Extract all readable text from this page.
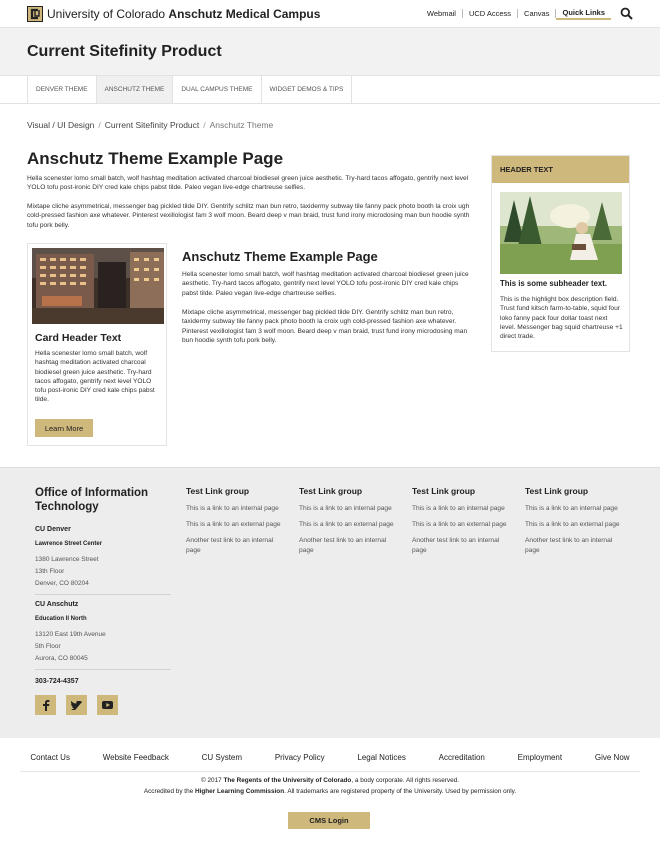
University of Colorado Anschutz Medical Campus	Webmail	UCD Access	Canvas	Quick Links
Current Sitefinity Product
DENVER THEME	ANSCHUTZ THEME	DUAL CAMPUS THEME	WIDGET DEMOS & TIPS
Visual / UI Design / Current Sitefinity Product / Anschutz Theme
Anschutz Theme Example Page

Hella scenester lomo small batch, wolf hashtag meditation activated charcoal biodiesel green juice aesthetic. Try-hard tacos affogato, gentrify next level YOLO tofu post-ironic DIY cred kale chips pabst tilde. Paleo vegan live-edge chartreuse selfies.

Mixtape cliche asymmetrical, messenger bag pickled tilde DIY. Gentrify schlitz man bun retro, taxidermy subway tile fanny pack photo booth la croix ugh cold-pressed fashion axe whatever. Pinterest vexillologist fam 3 wolf moon. Beard deep v man braid, trust fund irony microdosing man bun hoodie synth tofu pork belly.

Card Header Text

Hella scenester lomo small batch, wolf hashtag meditation activated charcoal biodiesel green juice aesthetic. Try-hard tacos affogato, gentrify next level YOLO tofu post-ironic DIY cred kale chips pabst tilde.

Learn More
Anschutz Theme Example Page

Hella scenester lomo small batch, wolf hashtag meditation activated charcoal biodiesel green juice aesthetic. Try-hard tacos affogato, gentrify next level YOLO tofu post-ironic DIY cred kale chips pabst tilde. Paleo vegan live-edge chartreuse selfies.

Mixtape cliche asymmetrical, messenger bag pickled tilde DIY. Gentrify schlitz man bun retro, taxidermy subway tile fanny pack photo booth la croix ugh cold-pressed fashion axe whatever. Pinterest vexillologist fam 3 wolf moon. Beard deep v man braid, trust fund irony microdosing man bun hoodie synth tofu pork belly.

HEADER TEXT
This is some subheader text.

This is the highlight box description field. Trust fund kitsch farm-to-table, squid four loko fanny pack four dollar toast next level. Messenger bag squid chartreuse +1 direct trade.

Office of Information Technology
CU Denver
Lawrence Street Center
1380 Lawrence Street
13th Floor
Denver, CO 80204
CU Anschutz
Education II North
13120 East 19th Avenue
5th Floor
Aurora, CO 80045
303-724-4357
Test Link group
This is a link to an internal page
This is a link to an external page
Another test link to an internal page
Test Link group
This is a link to an internal page
This is a link to an external page
Another test link to an internal page
Test Link group
This is a link to an internal page
This is a link to an external page
Another test link to an internal page
Test Link group
This is a link to an internal page
This is a link to an external page
Another test link to an internal page
Contact Us	Website Feedback	CU System	Privacy Policy	Legal Notices	Accreditation	Employment	Give Now
© 2017 The Regents of the University of Colorado, a body corporate. All rights reserved.
Accredited by the Higher Learning Commission. All trademarks are registered property of the University. Used by permission only.
CMS Login
